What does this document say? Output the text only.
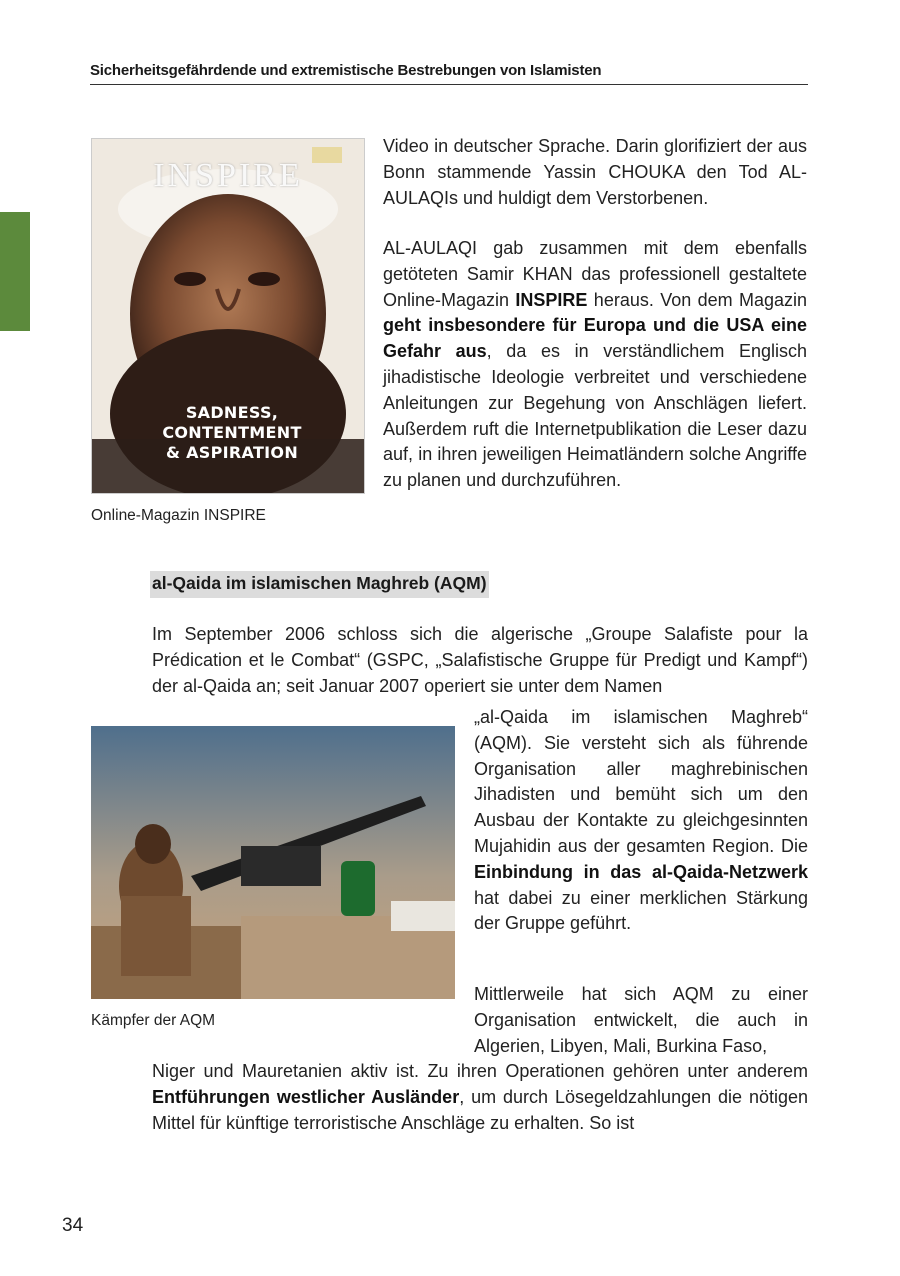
Sicherheitsgefährdende und extremistische Bestrebungen von Islamisten
INSPIRE
SADNESS, CONTENTMENT
& ASPIRATION

Online-Magazin INSPIRE

Video in deutscher Sprache. Darin glorifiziert der aus Bonn stammende Yassin CHOUKA den Tod AL-AULAQIs und huldigt dem Verstorbenen.

AL-AULAQI gab zusammen mit dem ebenfalls getöteten Samir KHAN das professionell gestaltete Online-Magazin INSPIRE heraus. Von dem Magazin geht insbesondere für Europa und die USA eine Gefahr aus, da es in verständlichem Englisch jihadistische Ideologie verbreitet und verschiedene Anleitungen zur Begehung von Anschlägen liefert. Außerdem ruft die Internetpublikation die Leser dazu auf, in ihren jeweiligen Heimatländern solche Angriffe zu planen und durchzuführen.

al-Qaida im islamischen Maghreb (AQM)

Im September 2006 schloss sich die algerische „Groupe Salafiste pour la Prédication et le Combat“ (GSPC, „Salafistische Gruppe für Predigt und Kampf“) der al-Qaida an; seit Januar 2007 operiert sie unter dem Namen

Kämpfer der AQM

„al-Qaida im islamischen Maghreb“ (AQM). Sie versteht sich als führende Organisation aller maghrebinischen Jihadisten und bemüht sich um den Ausbau der Kontakte zu gleichgesinnten Mujahidin aus der gesamten Region. Die Einbindung in das al-Qaida-Netzwerk hat dabei zu einer merklichen Stärkung der Gruppe geführt.

Mittlerweile hat sich AQM zu einer Organisation entwickelt, die auch in Algerien, Libyen, Mali, Burkina Faso,

Niger und Mauretanien aktiv ist. Zu ihren Operationen gehören unter anderem Entführungen westlicher Ausländer, um durch Lösegeldzahlungen die nötigen Mittel für künftige terroristische Anschläge zu erhalten. So ist

34
